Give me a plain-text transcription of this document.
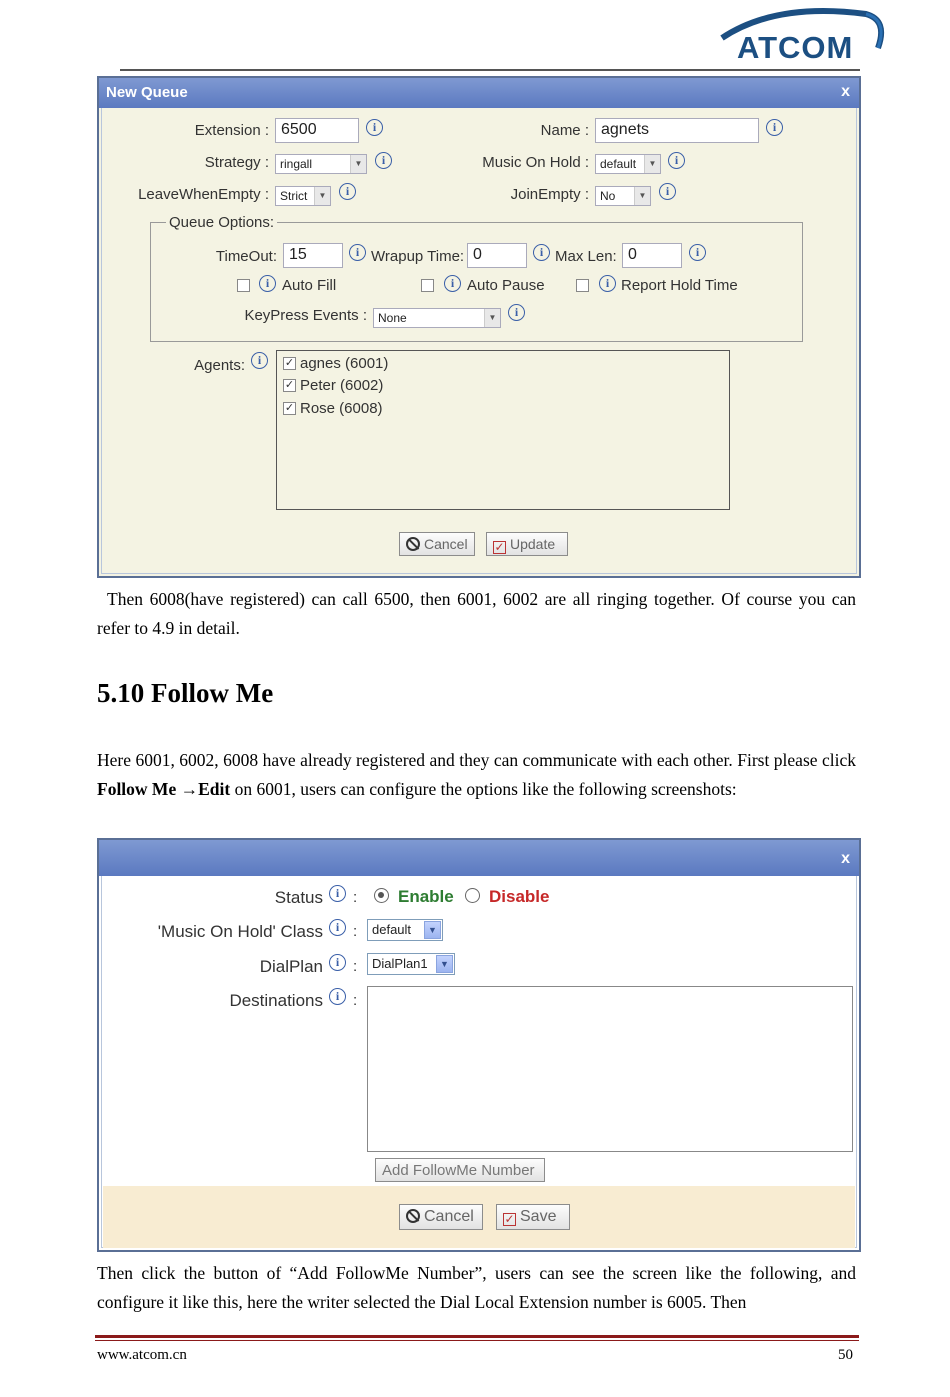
ATCOM
New Queue	x
Extension : 6500	i	Name : agnets	i
Strategy : ringall	▼	i	Music On Hold : default	▼	i
LeaveWhenEmpty : Strict	▼	i	JoinEmpty : No	▼	i
Queue Options:
TimeOut: 15	i Wrapup Time: 0	i Max Len: 0	i
i Auto Fill	i Auto Pause	i Report Hold Time
KeyPress Events : None	▼	i
Agents:	i	✓ agnes (6001)
✓ Peter (6002)
✓ Rose (6008)
Cancel	✓ Update
Then 6008(have registered) can call 6500, then 6001, 6002 are all ringing together. Of course you can refer to 4.9 in detail.
5.10 Follow Me
Here 6001, 6002, 6008 have already registered and they can communicate with each other. First please click Follow Me →Edit on 6001, users can configure the options like the following screenshots:
x
Status	i : Enable Disable
'Music On Hold' Class	i :	default	▼
DialPlan	i :	DialPlan1	▼
Destinations	i :
Add FollowMe Number
Cancel	✓ Save
Then click the button of “Add FollowMe Number”, users can see the screen like the following, and configure it like this, here the writer selected the Dial Local Extension number is 6005. Then
www.atcom.cn	50
